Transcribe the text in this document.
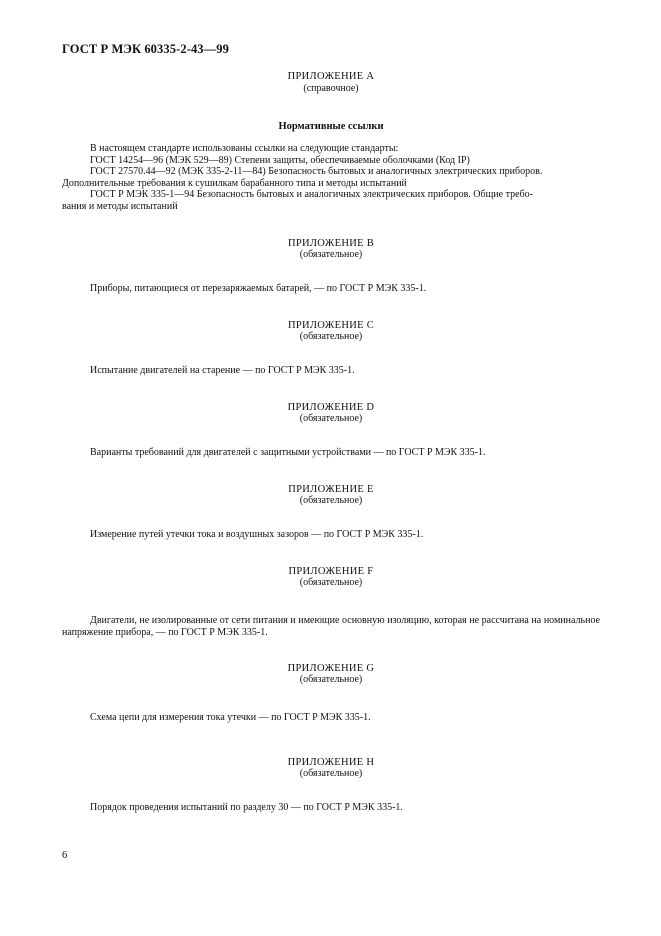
ГОСТ Р МЭК 60335-2-43—99
ПРИЛОЖЕНИЕ А
(справочное)
Нормативные ссылки
В настоящем стандарте использованы ссылки на следующие стандарты:
ГОСТ 14254—96 (МЭК 529—89) Степени защиты, обеспечиваемые оболочками (Код IP)
ГОСТ 27570.44—92 (МЭК 335-2-11—84) Безопасность бытовых и аналогичных электрических приборов.
Дополнительные требования к сушилкам барабанного типа и методы испытаний
ГОСТ Р МЭК 335-1—94 Безопасность бытовых и аналогичных электрических приборов. Общие требо-
вания и методы испытаний
ПРИЛОЖЕНИЕ В
(обязательное)
Приборы, питающиеся от перезаряжаемых батарей, — по ГОСТ Р МЭК 335-1.
ПРИЛОЖЕНИЕ С
(обязательное)
Испытание двигателей на старение — по ГОСТ Р МЭК 335-1.
ПРИЛОЖЕНИЕ D
(обязательное)
Варианты требований для двигателей с защитными устройствами — по ГОСТ Р МЭК 335-1.
ПРИЛОЖЕНИЕ Е
(обязательное)
Измерение путей утечки тока и воздушных зазоров — по ГОСТ Р МЭК 335-1.
ПРИЛОЖЕНИЕ F
(обязательное)
Двигатели, не изолированные от сети питания и имеющие основную изоляцию, которая не рассчитана на номинальное напряжение прибора, — по ГОСТ Р МЭК 335-1.
ПРИЛОЖЕНИЕ G
(обязательное)
Схема цепи для измерения тока утечки — по ГОСТ Р МЭК 335-1.
ПРИЛОЖЕНИЕ Н
(обязательное)
Порядок проведения испытаний по разделу 30 — по ГОСТ Р МЭК 335-1.
6
